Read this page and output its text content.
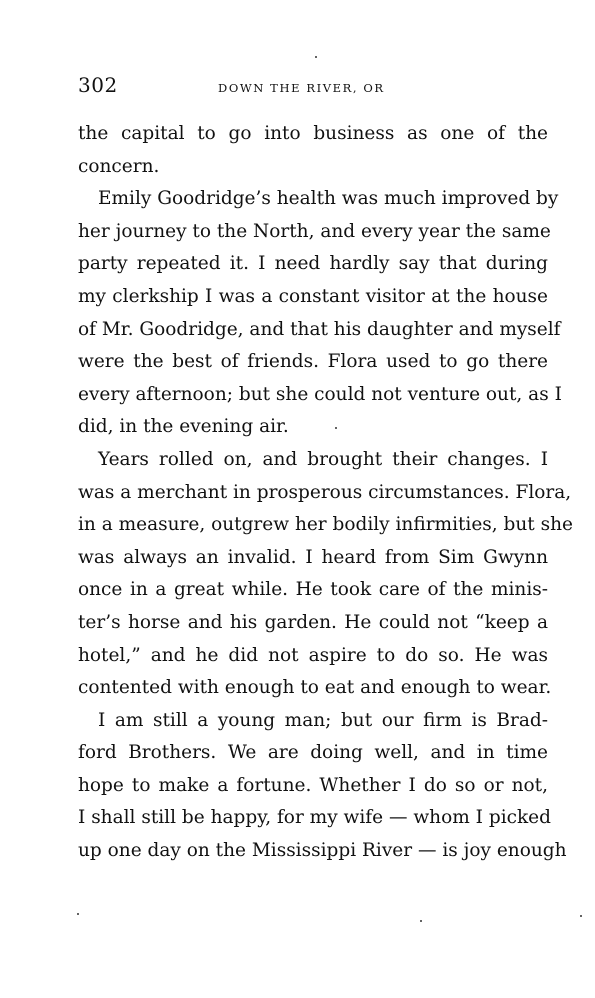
302	DOWN THE RIVER, OR
the capital to go into business as one of the
concern.
Emily Goodridge’s health was much improved by
her journey to the North, and every year the same
party repeated it. I need hardly say that during
my clerkship I was a constant visitor at the house
of Mr. Goodridge, and that his daughter and myself
were the best of friends. Flora used to go there
every afternoon; but she could not venture out, as I
did, in the evening air.
Years rolled on, and brought their changes. I
was a merchant in prosperous circumstances. Flora,
in a measure, outgrew her bodily infirmities, but she
was always an invalid. I heard from Sim Gwynn
once in a great while. He took care of the minis-
ter’s horse and his garden. He could not “keep a
hotel,” and he did not aspire to do so. He was
contented with enough to eat and enough to wear.
I am still a young man; but our firm is Brad-
ford Brothers. We are doing well, and in time
hope to make a fortune. Whether I do so or not,
I shall still be happy, for my wife — whom I picked
up one day on the Mississippi River — is joy enough
